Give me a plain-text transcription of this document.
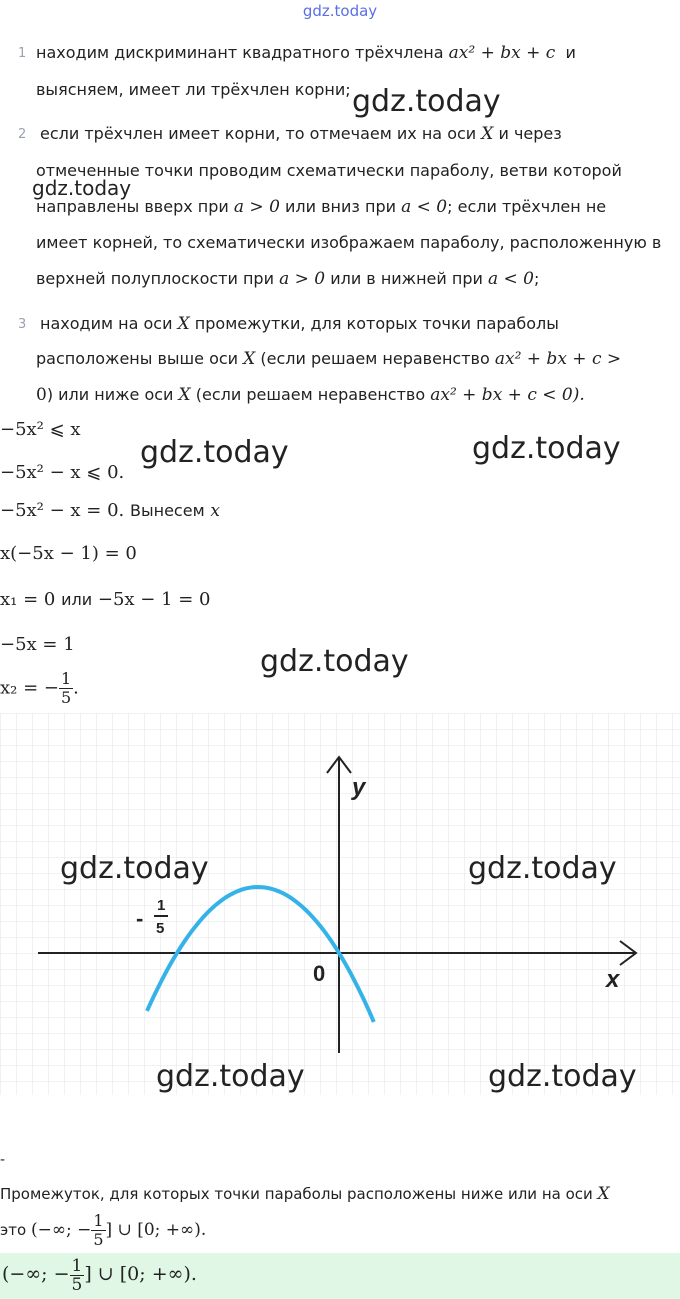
gdz.today
1 находим дискриминант квадратного трёхчлена ax² + bx + c и
выясняем, имеет ли трёхчлен корни;
2 если трёхчлен имеет корни, то отмечаем их на оси X и через
отмеченные точки проводим схематически параболу, ветви которой
направлены вверх при a > 0 или вниз при a < 0; если трёхчлен не
имеет корней, то схематически изображаем параболу, расположенную в
верхней полуплоскости при a > 0 или в нижней при a < 0;
3 находим на оси X промежутки, для которых точки параболы
расположены выше оси X (если решаем неравенство ax² + bx + c >
0) или ниже оси X (если решаем неравенство ax² + bx + c < 0).
−5x² ⩽ x
−5x² − x ⩽ 0.
−5x² − x = 0. Вынесем x
x(−5x − 1) = 0
x₁ = 0 или −5x − 1 = 0
−5x = 1
x₂ = − $\frac{1}{5}$ .
y
x
0
-
1
5
gdz.today
gdz.today
gdz.today	gdz.today
gdz.today
gdz.today	gdz.today
gdz.today	gdz.today
-
Промежуток, для которых точки параболы расположены ниже или на оси X
это (−∞; − $\frac{1}{5}$ ] ∪ [0; +∞).
(−∞; − $\frac{1}{5}$ ] ∪ [0; +∞).
